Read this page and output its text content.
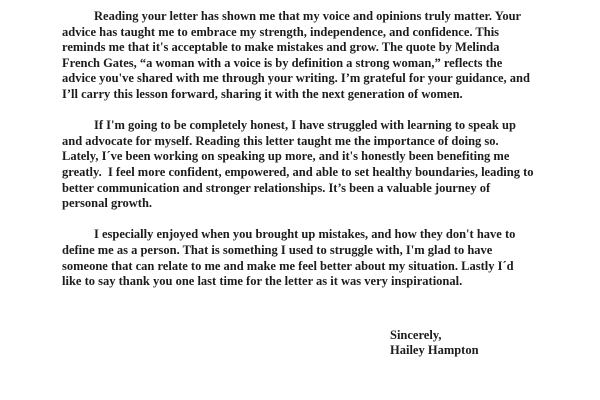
Reading your letter has shown me that my voice and opinions truly matter. Your advice has taught me to embrace my strength, independence, and confidence. This reminds me that it's acceptable to make mistakes and grow. The quote by Melinda French Gates, “a woman with a voice is by definition a strong woman,” reflects the advice you've shared with me through your writing. I’m grateful for your guidance, and I’ll carry this lesson forward, sharing it with the next generation of women.

If I'm going to be completely honest, I have struggled with learning to speak up and advocate for myself. Reading this letter taught me the importance of doing so. Lately, I´ve been working on speaking up more, and it's honestly been benefiting me greatly.  I feel more confident, empowered, and able to set healthy boundaries, leading to better communication and stronger relationships. It’s been a valuable journey of personal growth.

I especially enjoyed when you brought up mistakes, and how they don't have to define me as a person. That is something I used to struggle with, I'm glad to have someone that can relate to me and make me feel better about my situation. Lastly I´d like to say thank you one last time for the letter as it was very inspirational.

Sincerely,
Hailey Hampton
